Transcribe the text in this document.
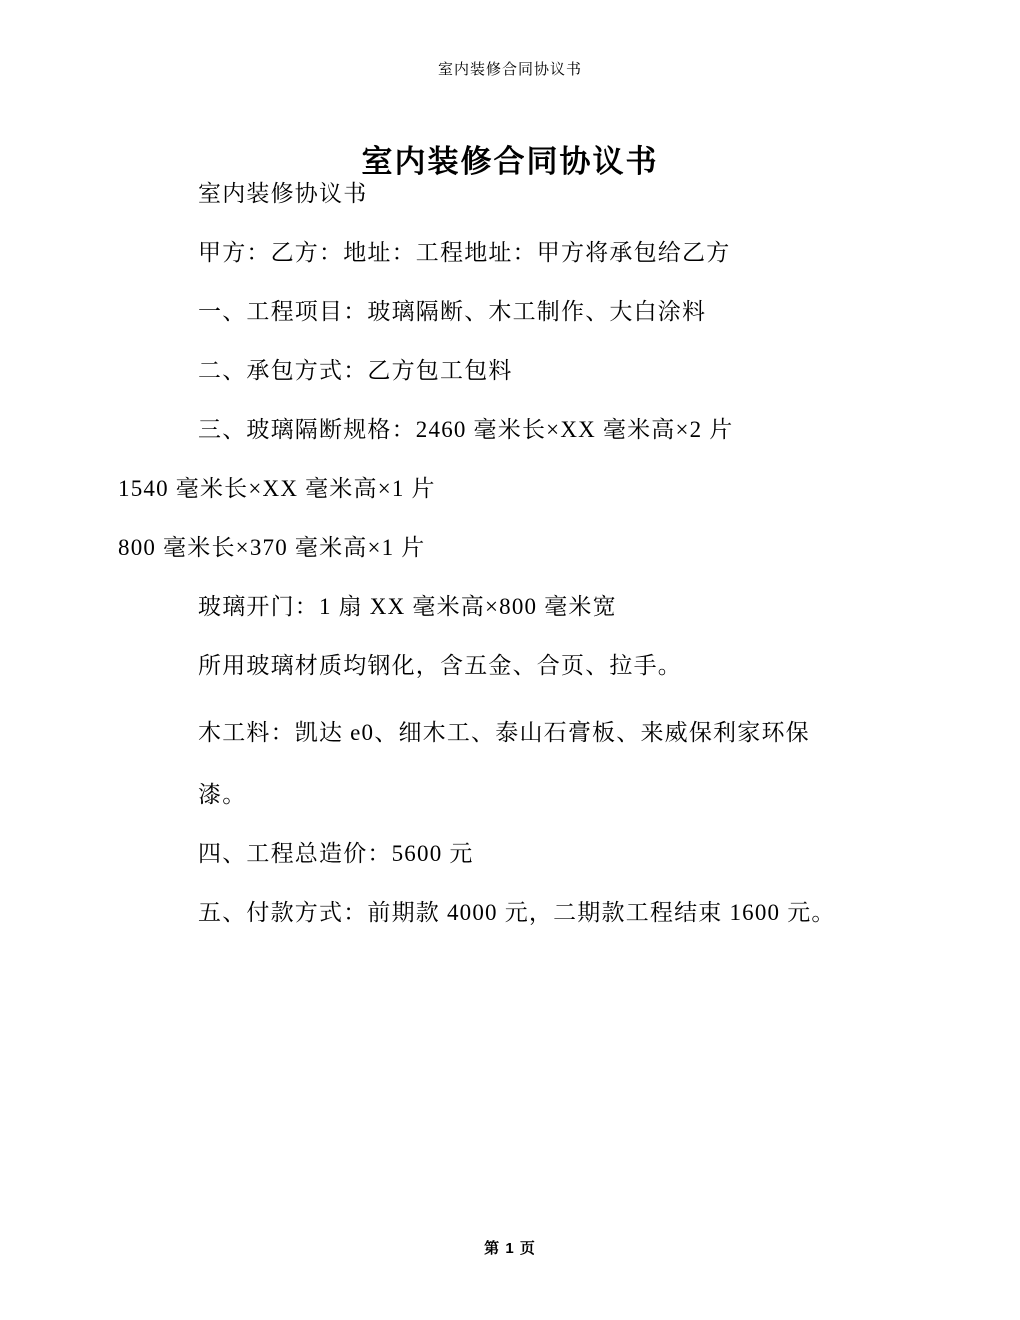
室内装修合同协议书
室内装修合同协议书

室内装修协议书

甲方：乙方：地址：工程地址：甲方将承包给乙方

一、工程项目：玻璃隔断、木工制作、大白涂料

二、承包方式：乙方包工包料

三、玻璃隔断规格：2460 毫米长×XX 毫米高×2 片

1540 毫米长×XX 毫米高×1 片

800 毫米长×370 毫米高×1 片

玻璃开门：1 扇 XX 毫米高×800 毫米宽

所用玻璃材质均钢化，含五金、合页、拉手。

木工料：凯达 e0、细木工、泰山石膏板、来威保利家环保

漆。

四、工程总造价：5600 元

五、付款方式：前期款 4000 元，二期款工程结束 1600 元。

第 1 页
